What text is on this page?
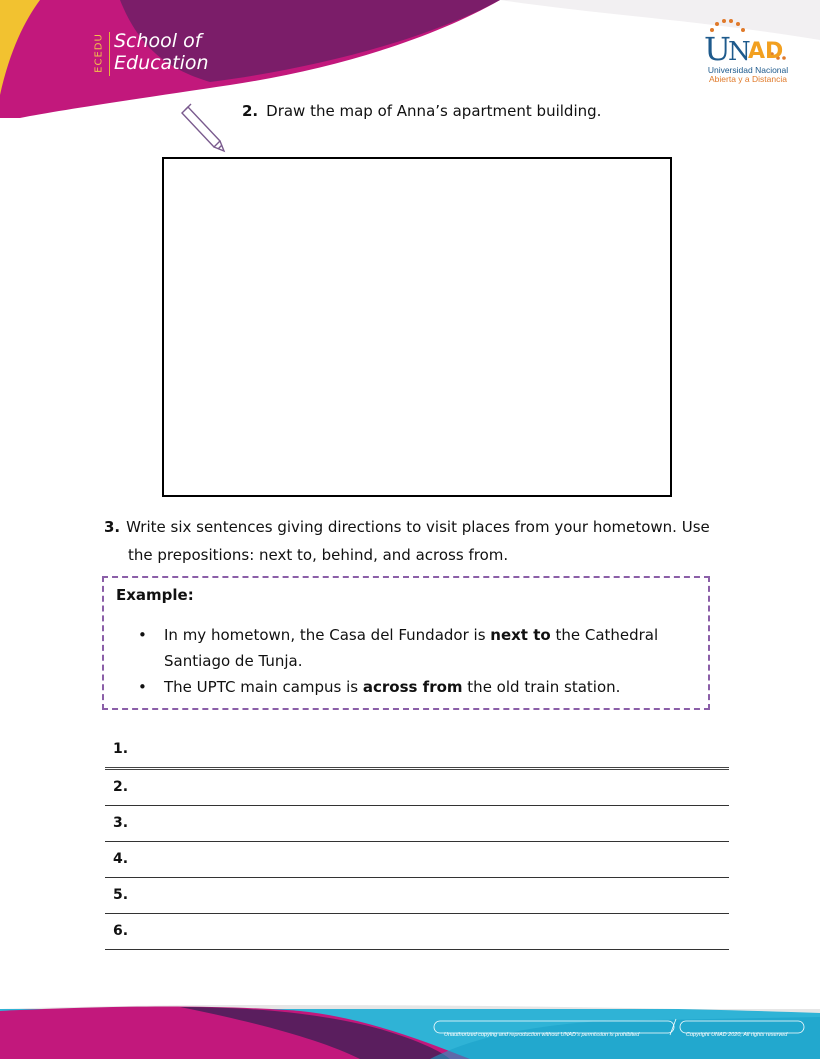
ECEDU School of
Education	U
N
AD
Universidad Nacional
Abierta y a Distancia
2. Draw the map of Anna’s apartment building.
3. Write six sentences giving directions to visit places from your hometown. Use
the prepositions: next to, behind, and across from.
Example:
• In my hometown, the Casa del Fundador is next to the Cathedral Santiago de Tunja.
• The UPTC main campus is across from the old train station.
1.
2.
3.
4.
5.
6.
Unauthorized copying and reproduction without UNAD’s permission is prohibited	Copyright UNAD 2020, All rights reserved
